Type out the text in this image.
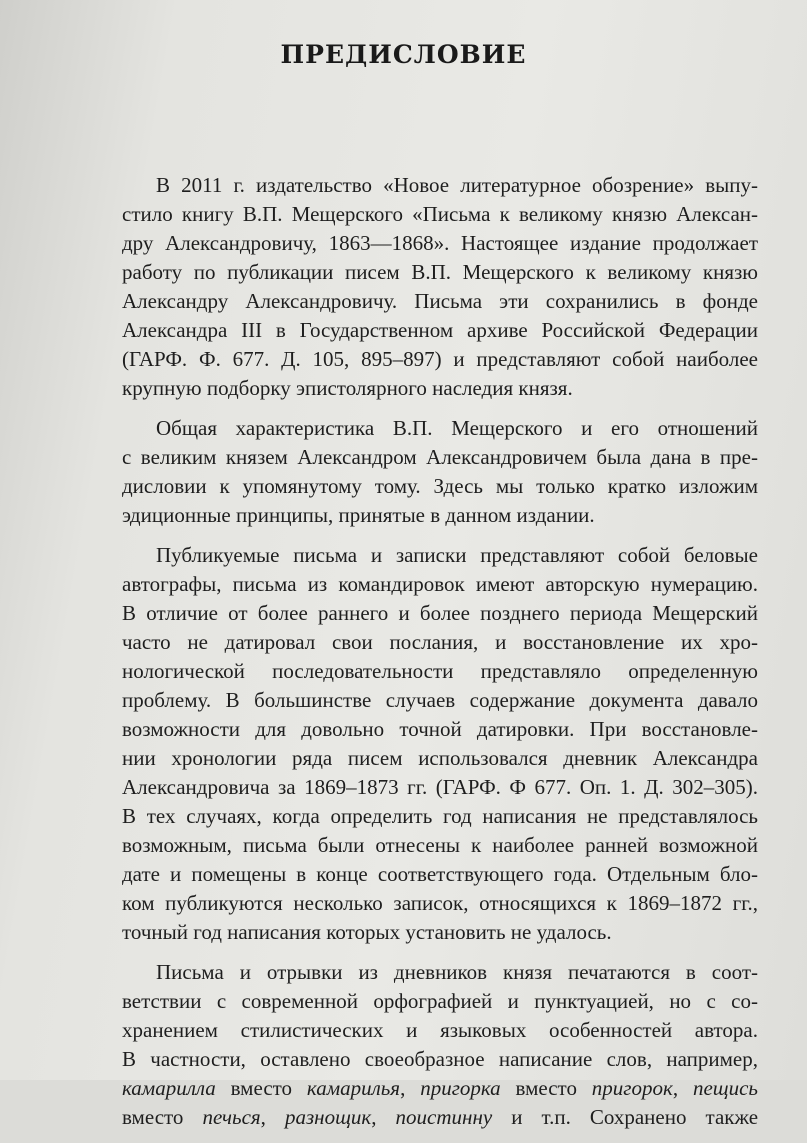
ПРЕДИСЛОВИЕ
В 2011 г. издательство «Новое литературное обозрение» выпу-
стило книгу В.П. Мещерского «Письма к великому князю Алексан-
дру Александровичу, 1863—1868». Настоящее издание продолжает
работу по публикации писем В.П. Мещерского к великому князю
Александру Александровичу. Письма эти сохранились в фонде
Александра III в Государственном архиве Российской Федерации
(ГАРФ. Ф. 677. Д. 105, 895–897) и представляют собой наиболее
крупную подборку эпистолярного наследия князя.
Общая характеристика В.П. Мещерского и его отношений
с великим князем Александром Александровичем была дана в пре-
дисловии к упомянутому тому. Здесь мы только кратко изложим
эдиционные принципы, принятые в данном издании.
Публикуемые письма и записки представляют собой беловые
автографы, письма из командировок имеют авторскую нумерацию.
В отличие от более раннего и более позднего периода Мещерский
часто не датировал свои послания, и восстановление их хро-
нологической последовательности представляло определенную
проблему. В большинстве случаев содержание документа давало
возможности для довольно точной датировки. При восстановле-
нии хронологии ряда писем использовался дневник Александра
Александровича за 1869–1873 гг. (ГАРФ. Ф 677. Оп. 1. Д. 302–305).
В тех случаях, когда определить год написания не представлялось
возможным, письма были отнесены к наиболее ранней возможной
дате и помещены в конце соответствующего года. Отдельным бло-
ком публикуются несколько записок, относящихся к 1869–1872 гг.,
точный год написания которых установить не удалось.
Письма и отрывки из дневников князя печатаются в соот-
ветствии с современной орфографией и пунктуацией, но с со-
хранением стилистических и языковых особенностей автора.
В частности, оставлено своеобразное написание слов, например,
камарилла вместо камарилья, пригорка вместо пригорок, пещись
вместо печься, разнощик, поистинну и т.п. Сохранено также
